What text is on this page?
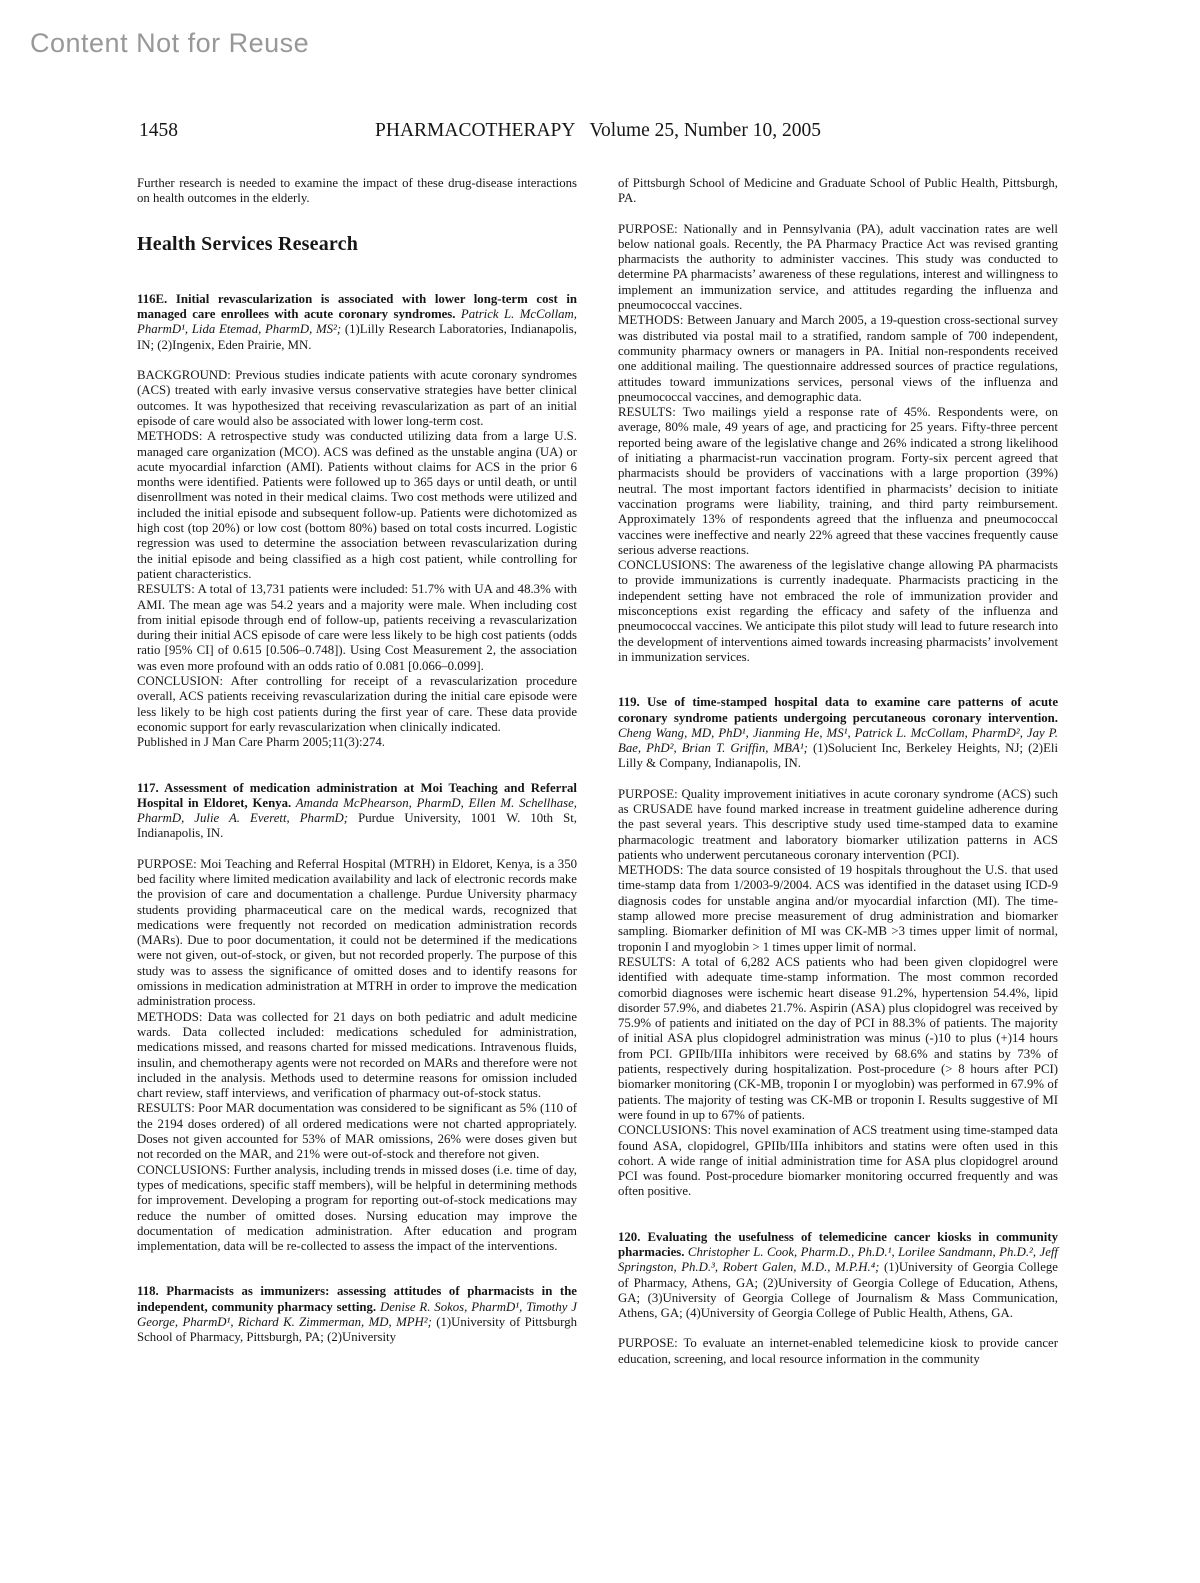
Content Not for Reuse
1458	PHARMACOTHERAPY Volume 25, Number 10, 2005

Further research is needed to examine the impact of these drug-disease interactions on health outcomes in the elderly.

Health Services Research

116E. Initial revascularization is associated with lower long-term cost in managed care enrollees with acute coronary syndromes. Patrick L. McCollam, PharmD¹, Lida Etemad, PharmD, MS²; (1)Lilly Research Laboratories, Indianapolis, IN; (2)Ingenix, Eden Prairie, MN.

BACKGROUND: Previous studies indicate patients with acute coronary syndromes (ACS) treated with early invasive versus conservative strategies have better clinical outcomes. It was hypothesized that receiving revascularization as part of an initial episode of care would also be associated with lower long-term cost.

METHODS: A retrospective study was conducted utilizing data from a large U.S. managed care organization (MCO). ACS was defined as the unstable angina (UA) or acute myocardial infarction (AMI). Patients without claims for ACS in the prior 6 months were identified. Patients were followed up to 365 days or until death, or until disenrollment was noted in their medical claims. Two cost methods were utilized and included the initial episode and subsequent follow-up. Patients were dichotomized as high cost (top 20%) or low cost (bottom 80%) based on total costs incurred. Logistic regression was used to determine the association between revascularization during the initial episode and being classified as a high cost patient, while controlling for patient characteristics.

RESULTS: A total of 13,731 patients were included: 51.7% with UA and 48.3% with AMI. The mean age was 54.2 years and a majority were male. When including cost from initial episode through end of follow-up, patients receiving a revascularization during their initial ACS episode of care were less likely to be high cost patients (odds ratio [95% CI] of 0.615 [0.506–0.748]). Using Cost Measurement 2, the association was even more profound with an odds ratio of 0.081 [0.066–0.099].

CONCLUSION: After controlling for receipt of a revascularization procedure overall, ACS patients receiving revascularization during the initial care episode were less likely to be high cost patients during the first year of care. These data provide economic support for early revascularization when clinically indicated.

Published in J Man Care Pharm 2005;11(3):274.

117. Assessment of medication administration at Moi Teaching and Referral Hospital in Eldoret, Kenya. Amanda McPhearson, PharmD, Ellen M. Schellhase, PharmD, Julie A. Everett, PharmD; Purdue University, 1001 W. 10th St, Indianapolis, IN.

PURPOSE: Moi Teaching and Referral Hospital (MTRH) in Eldoret, Kenya, is a 350 bed facility where limited medication availability and lack of electronic records make the provision of care and documentation a challenge. Purdue University pharmacy students providing pharmaceutical care on the medical wards, recognized that medications were frequently not recorded on medication administration records (MARs). Due to poor documentation, it could not be determined if the medications were not given, out-of-stock, or given, but not recorded properly. The purpose of this study was to assess the significance of omitted doses and to identify reasons for omissions in medication administration at MTRH in order to improve the medication administration process.

METHODS: Data was collected for 21 days on both pediatric and adult medicine wards. Data collected included: medications scheduled for administration, medications missed, and reasons charted for missed medications. Intravenous fluids, insulin, and chemotherapy agents were not recorded on MARs and therefore were not included in the analysis. Methods used to determine reasons for omission included chart review, staff interviews, and verification of pharmacy out-of-stock status.

RESULTS: Poor MAR documentation was considered to be significant as 5% (110 of the 2194 doses ordered) of all ordered medications were not charted appropriately. Doses not given accounted for 53% of MAR omissions, 26% were doses given but not recorded on the MAR, and 21% were out-of-stock and therefore not given.

CONCLUSIONS: Further analysis, including trends in missed doses (i.e. time of day, types of medications, specific staff members), will be helpful in determining methods for improvement. Developing a program for reporting out-of-stock medications may reduce the number of omitted doses. Nursing education may improve the documentation of medication administration. After education and program implementation, data will be re-collected to assess the impact of the interventions.

118. Pharmacists as immunizers: assessing attitudes of pharmacists in the independent, community pharmacy setting. Denise R. Sokos, PharmD¹, Timothy J George, PharmD¹, Richard K. Zimmerman, MD, MPH²; (1)University of Pittsburgh School of Pharmacy, Pittsburgh, PA; (2)University

of Pittsburgh School of Medicine and Graduate School of Public Health, Pittsburgh, PA.

PURPOSE: Nationally and in Pennsylvania (PA), adult vaccination rates are well below national goals. Recently, the PA Pharmacy Practice Act was revised granting pharmacists the authority to administer vaccines. This study was conducted to determine PA pharmacists’ awareness of these regulations, interest and willingness to implement an immunization service, and attitudes regarding the influenza and pneumococcal vaccines.

METHODS: Between January and March 2005, a 19-question cross-sectional survey was distributed via postal mail to a stratified, random sample of 700 independent, community pharmacy owners or managers in PA. Initial non-respondents received one additional mailing. The questionnaire addressed sources of practice regulations, attitudes toward immunizations services, personal views of the influenza and pneumococcal vaccines, and demographic data.

RESULTS: Two mailings yield a response rate of 45%. Respondents were, on average, 80% male, 49 years of age, and practicing for 25 years. Fifty-three percent reported being aware of the legislative change and 26% indicated a strong likelihood of initiating a pharmacist-run vaccination program. Forty-six percent agreed that pharmacists should be providers of vaccinations with a large proportion (39%) neutral. The most important factors identified in pharmacists’ decision to initiate vaccination programs were liability, training, and third party reimbursement. Approximately 13% of respondents agreed that the influenza and pneumococcal vaccines were ineffective and nearly 22% agreed that these vaccines frequently cause serious adverse reactions.

CONCLUSIONS: The awareness of the legislative change allowing PA pharmacists to provide immunizations is currently inadequate. Pharmacists practicing in the independent setting have not embraced the role of immunization provider and misconceptions exist regarding the efficacy and safety of the influenza and pneumococcal vaccines. We anticipate this pilot study will lead to future research into the development of interventions aimed towards increasing pharmacists’ involvement in immunization services.

119. Use of time-stamped hospital data to examine care patterns of acute coronary syndrome patients undergoing percutaneous coronary intervention. Cheng Wang, MD, PhD¹, Jianming He, MS¹, Patrick L. McCollam, PharmD², Jay P. Bae, PhD², Brian T. Griffin, MBA¹; (1)Solucient Inc, Berkeley Heights, NJ; (2)Eli Lilly & Company, Indianapolis, IN.

PURPOSE: Quality improvement initiatives in acute coronary syndrome (ACS) such as CRUSADE have found marked increase in treatment guideline adherence during the past several years. This descriptive study used time-stamped data to examine pharmacologic treatment and laboratory biomarker utilization patterns in ACS patients who underwent percutaneous coronary intervention (PCI).

METHODS: The data source consisted of 19 hospitals throughout the U.S. that used time-stamp data from 1/2003-9/2004. ACS was identified in the dataset using ICD-9 diagnosis codes for unstable angina and/or myocardial infarction (MI). The time-stamp allowed more precise measurement of drug administration and biomarker sampling. Biomarker definition of MI was CK-MB >3 times upper limit of normal, troponin I and myoglobin > 1 times upper limit of normal.

RESULTS: A total of 6,282 ACS patients who had been given clopidogrel were identified with adequate time-stamp information. The most common recorded comorbid diagnoses were ischemic heart disease 91.2%, hypertension 54.4%, lipid disorder 57.9%, and diabetes 21.7%. Aspirin (ASA) plus clopidogrel was received by 75.9% of patients and initiated on the day of PCI in 88.3% of patients. The majority of initial ASA plus clopidogrel administration was minus (-)10 to plus (+)14 hours from PCI. GPIIb/IIIa inhibitors were received by 68.6% and statins by 73% of patients, respectively during hospitalization. Post-procedure (> 8 hours after PCI) biomarker monitoring (CK-MB, troponin I or myoglobin) was performed in 67.9% of patients. The majority of testing was CK-MB or troponin I. Results suggestive of MI were found in up to 67% of patients.

CONCLUSIONS: This novel examination of ACS treatment using time-stamped data found ASA, clopidogrel, GPIIb/IIIa inhibitors and statins were often used in this cohort. A wide range of initial administration time for ASA plus clopidogrel around PCI was found. Post-procedure biomarker monitoring occurred frequently and was often positive.

120. Evaluating the usefulness of telemedicine cancer kiosks in community pharmacies. Christopher L. Cook, Pharm.D., Ph.D.¹, Lorilee Sandmann, Ph.D.², Jeff Springston, Ph.D.³, Robert Galen, M.D., M.P.H.⁴; (1)University of Georgia College of Pharmacy, Athens, GA; (2)University of Georgia College of Education, Athens, GA; (3)University of Georgia College of Journalism & Mass Communication, Athens, GA; (4)University of Georgia College of Public Health, Athens, GA.

PURPOSE: To evaluate an internet-enabled telemedicine kiosk to provide cancer education, screening, and local resource information in the community
